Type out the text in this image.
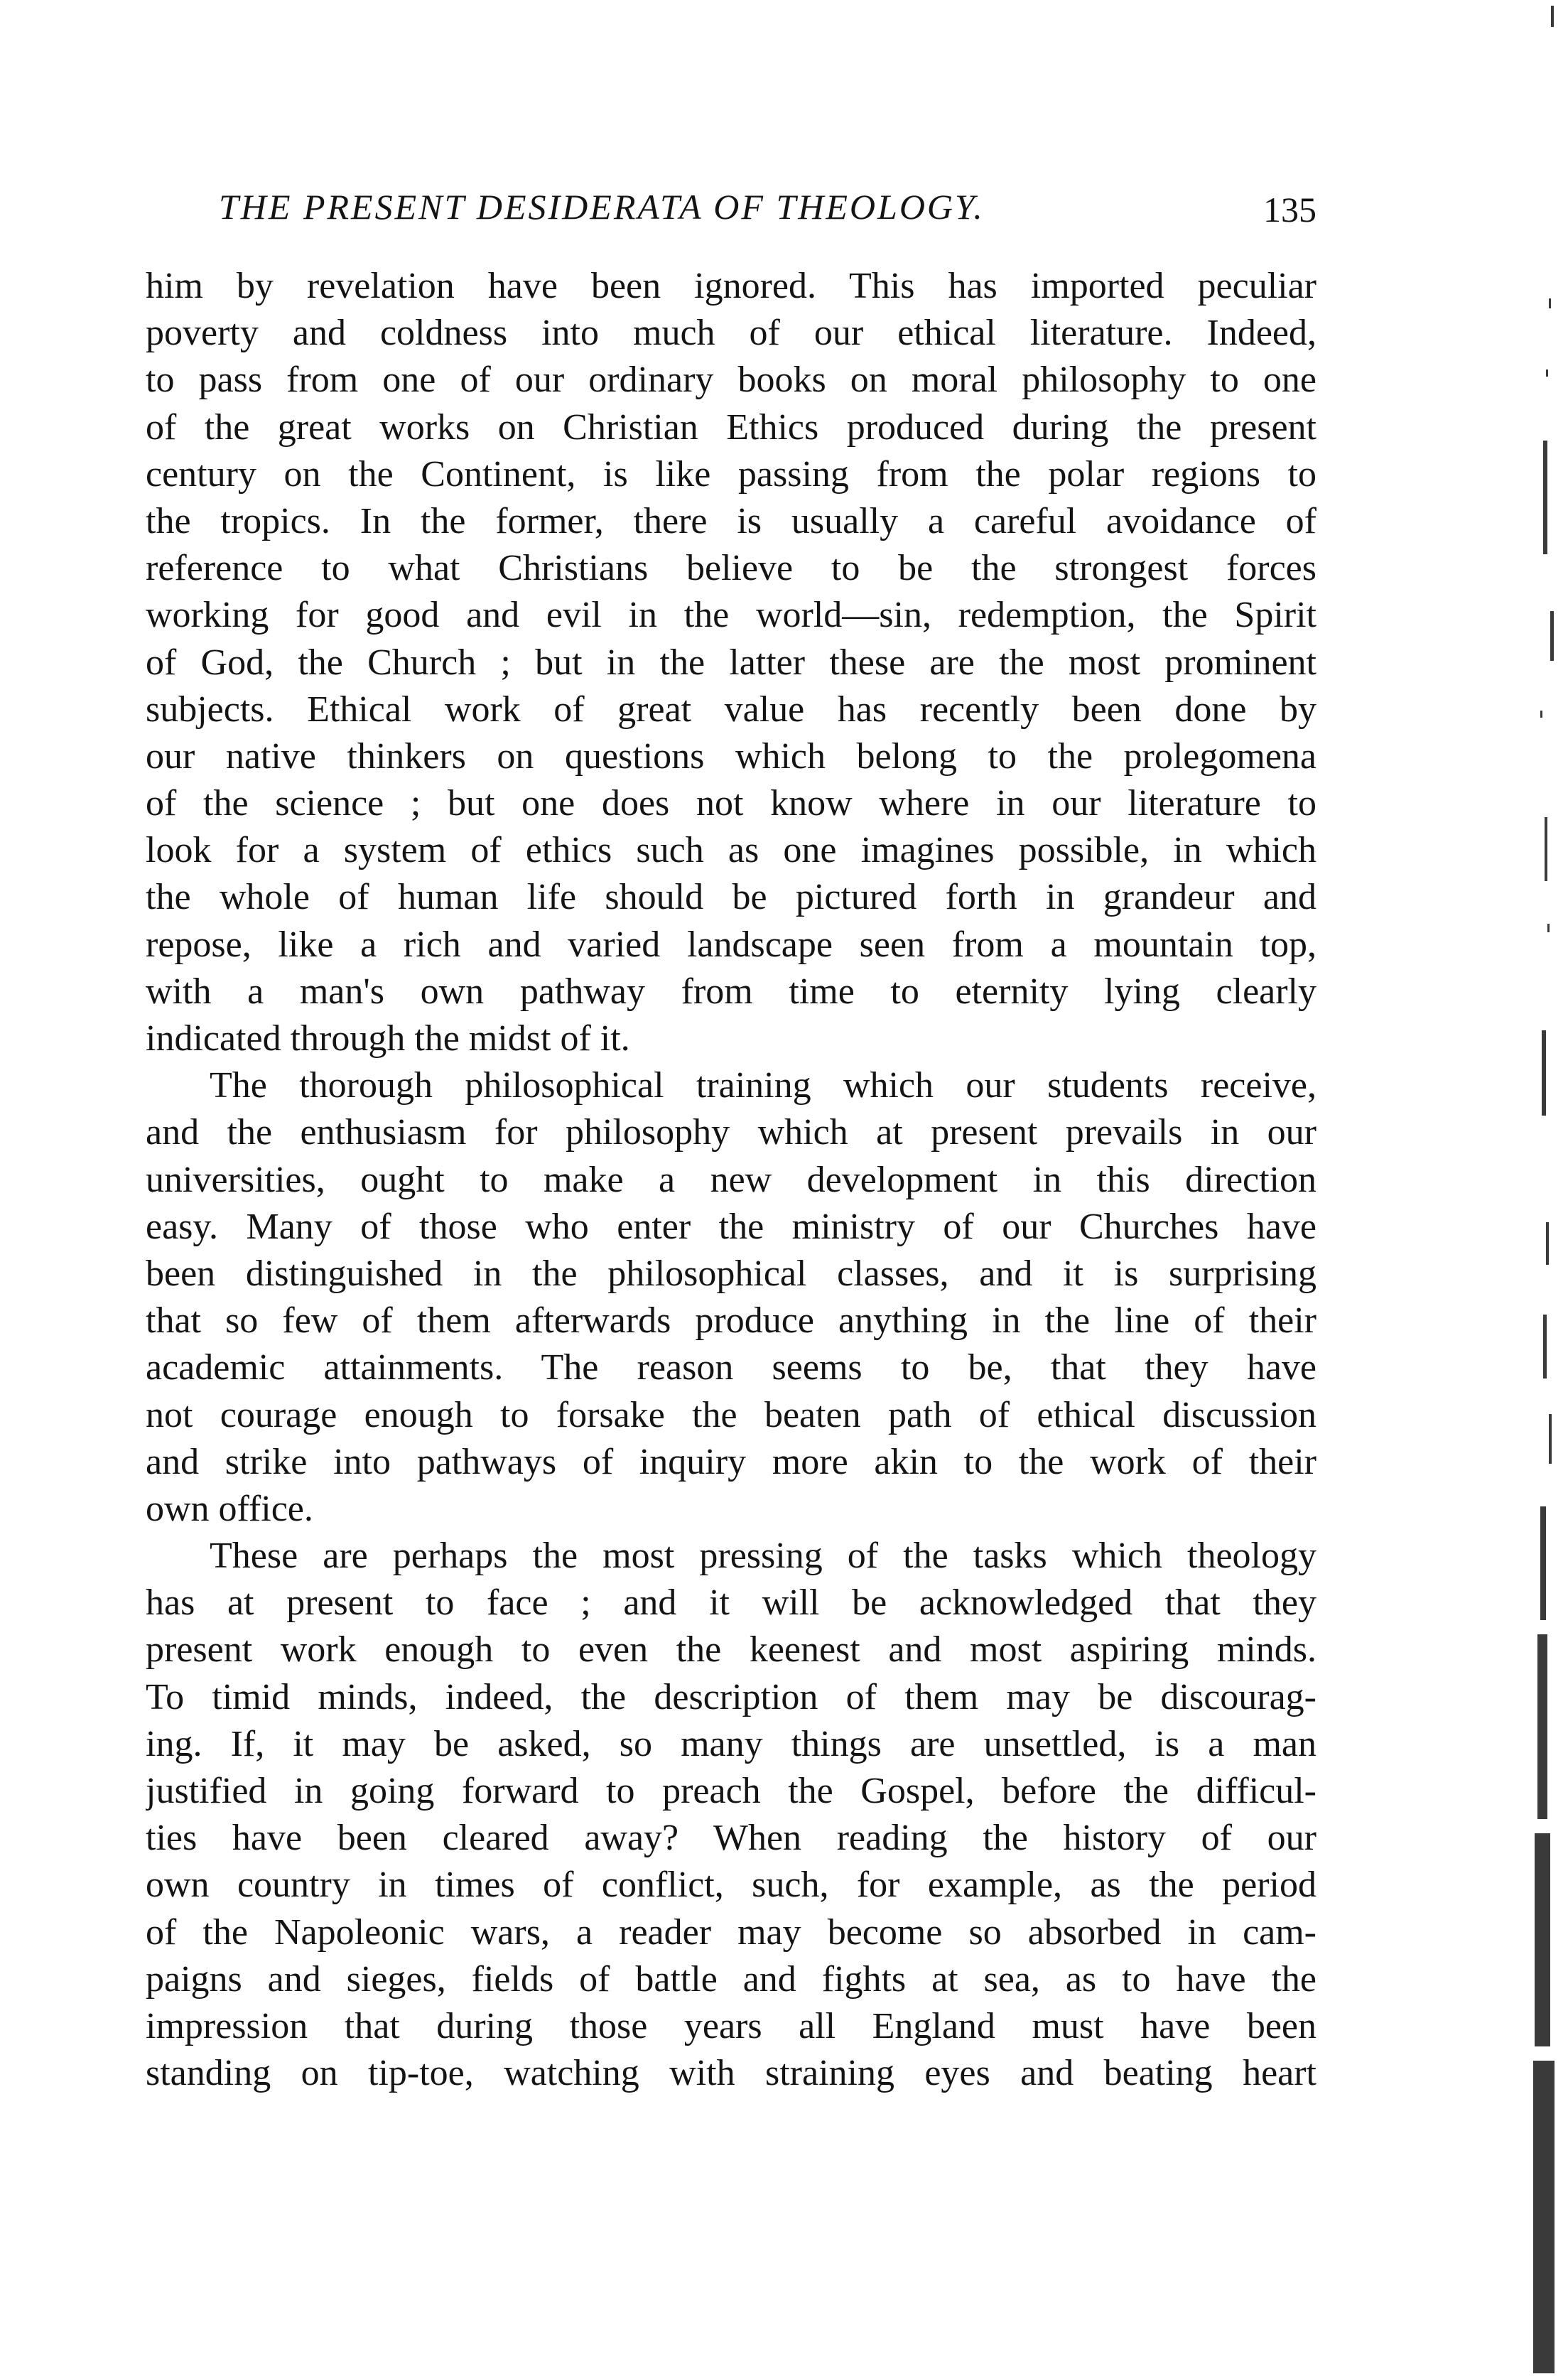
THE PRESENT DESIDERATA OF THEOLOGY.	135
him by revelation have been ignored. This has imported peculiar
poverty and coldness into much of our ethical literature. Indeed,
to pass from one of our ordinary books on moral philosophy to one
of the great works on Christian Ethics produced during the present
century on the Continent, is like passing from the polar regions to
the tropics. In the former, there is usually a careful avoidance of
reference to what Christians believe to be the strongest forces
working for good and evil in the world—sin, redemption, the Spirit
of God, the Church ; but in the latter these are the most prominent
subjects. Ethical work of great value has recently been done by
our native thinkers on questions which belong to the prolegomena
of the science ; but one does not know where in our literature to
look for a system of ethics such as one imagines possible, in which
the whole of human life should be pictured forth in grandeur and
repose, like a rich and varied landscape seen from a mountain top,
with a man's own pathway from time to eternity lying clearly
indicated through the midst of it.
The thorough philosophical training which our students receive,
and the enthusiasm for philosophy which at present prevails in our
universities, ought to make a new development in this direction
easy. Many of those who enter the ministry of our Churches have
been distinguished in the philosophical classes, and it is surprising
that so few of them afterwards produce anything in the line of their
academic attainments. The reason seems to be, that they have
not courage enough to forsake the beaten path of ethical discussion
and strike into pathways of inquiry more akin to the work of their
own office.
These are perhaps the most pressing of the tasks which theology
has at present to face ; and it will be acknowledged that they
present work enough to even the keenest and most aspiring minds.
To timid minds, indeed, the description of them may be discourag-
ing. If, it may be asked, so many things are unsettled, is a man
justified in going forward to preach the Gospel, before the difficul-
ties have been cleared away? When reading the history of our
own country in times of conflict, such, for example, as the period
of the Napoleonic wars, a reader may become so absorbed in cam-
paigns and sieges, fields of battle and fights at sea, as to have the
impression that during those years all England must have been
standing on tip-toe, watching with straining eyes and beating heart
